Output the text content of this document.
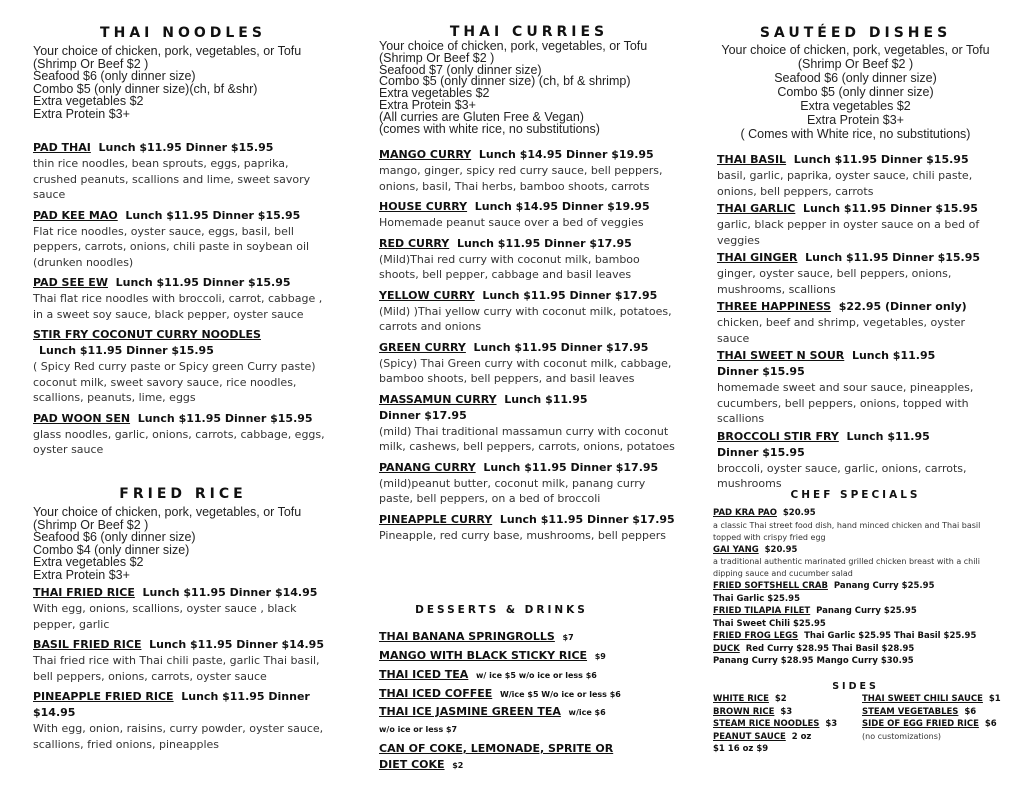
THAI NOODLES
Your choice of chicken, pork, vegetables, or Tofu
(Shrimp Or Beef $2 )
Seafood $6 (only dinner size)
Combo $5 (only dinner size)(ch, bf &shr)
Extra vegetables $2
Extra Protein $3+
PAD THAI Lunch $11.95 Dinner $15.95
thin rice noodles, bean sprouts, eggs, paprika, crushed peanuts, scallions and lime, sweet savory sauce
PAD KEE MAO Lunch $11.95 Dinner $15.95
Flat rice noodles, oyster sauce, eggs, basil, bell peppers, carrots, onions, chili paste in soybean oil (drunken noodles)
PAD SEE EW Lunch $11.95 Dinner $15.95
Thai flat rice noodles with broccoli, carrot, cabbage , in a sweet soy sauce, black pepper, oyster sauce
STIR FRY COCONUT CURRY NOODLES
Lunch $11.95 Dinner $15.95
( Spicy Red curry paste or Spicy green Curry paste) coconut milk, sweet savory sauce, rice noodles, scallions, peanuts, lime, eggs
PAD WOON SEN Lunch $11.95 Dinner $15.95
glass noodles, garlic, onions, carrots, cabbage, eggs, oyster sauce
FRIED RICE
Your choice of chicken, pork, vegetables, or Tofu
(Shrimp Or Beef $2 )
Seafood $6 (only dinner size)
Combo $4 (only dinner size)
Extra vegetables $2
Extra Protein $3+
THAI FRIED RICE Lunch $11.95 Dinner $14.95
With egg, onions, scallions, oyster sauce , black pepper, garlic
BASIL FRIED RICE Lunch $11.95 Dinner $14.95
Thai fried rice with Thai chili paste, garlic Thai basil, bell peppers, onions, carrots, oyster sauce
PINEAPPLE FRIED RICE Lunch $11.95 Dinner $14.95
With egg, onion, raisins, curry powder, oyster sauce, scallions, fried onions, pineapples
THAI CURRIES
Your choice of chicken, pork, vegetables, or Tofu
(Shrimp Or Beef $2 )
Seafood $7 (only dinner size)
Combo $5 (only dinner size) (ch, bf & shrimp)
Extra vegetables $2
Extra Protein $3+
(All curries are Gluten Free & Vegan)
(comes with white rice, no substitutions)
MANGO CURRY Lunch $14.95 Dinner $19.95
mango, ginger, spicy red curry sauce, bell peppers, onions, basil, Thai herbs, bamboo shoots, carrots
HOUSE CURRY Lunch $14.95 Dinner $19.95
Homemade peanut sauce over a bed of veggies
RED CURRY Lunch $11.95 Dinner $17.95
(Mild)Thai red curry with coconut milk, bamboo shoots, bell pepper, cabbage and basil leaves
YELLOW CURRY Lunch $11.95 Dinner $17.95
(Mild) )Thai yellow curry with coconut milk, potatoes, carrots and onions
GREEN CURRY Lunch $11.95 Dinner $17.95
(Spicy) Thai Green curry with coconut milk, cabbage, bamboo shoots, bell peppers, and basil leaves
MASSAMUN CURRY Lunch $11.95 Dinner $17.95
(mild) Thai traditional massamun curry with coconut milk, cashews, bell peppers, carrots, onions, potatoes
PANANG CURRY Lunch $11.95 Dinner $17.95
(mild)peanut butter, coconut milk, panang curry paste, bell peppers, on a bed of broccoli
PINEAPPLE CURRY Lunch $11.95 Dinner $17.95
Pineapple, red curry base, mushrooms, bell peppers
DESSERTS & DRINKS
THAI BANANA SPRINGROLLS $7
MANGO WITH BLACK STICKY RICE $9
THAI ICED TEA w/ ice $5 w/o ice or less $6
THAI ICED COFFEE W/ice $5 W/o ice or less $6
THAI ICE JASMINE GREEN TEA w/ice $6 w/o ice or less $7
CAN OF COKE, LEMONADE, SPRITE OR DIET COKE $2
SAUTÉED DISHES
Your choice of chicken, pork, vegetables, or Tofu
(Shrimp Or Beef $2 )
Seafood $6 (only dinner size)
Combo $5 (only dinner size)
Extra vegetables $2
Extra Protein $3+
( Comes with White rice, no substitutions)
THAI BASIL Lunch $11.95 Dinner $15.95
basil, garlic, paprika, oyster sauce, chili paste, onions, bell peppers, carrots
THAI GARLIC Lunch $11.95 Dinner $15.95
garlic, black pepper in oyster sauce on a bed of veggies
THAI GINGER Lunch $11.95 Dinner $15.95
ginger, oyster sauce, bell peppers, onions, mushrooms, scallions
THREE HAPPINESS $22.95 (Dinner only)
chicken, beef and shrimp, vegetables, oyster sauce
THAI SWEET N SOUR Lunch $11.95 Dinner $15.95
homemade sweet and sour sauce, pineapples, cucumbers, bell peppers, onions, topped with scallions
BROCCOLI STIR FRY Lunch $11.95 Dinner $15.95
broccoli, oyster sauce, garlic, onions, carrots, mushrooms
CHEF SPECIALS
PAD KRA PAO $20.95
a classic Thai street food dish, hand minced chicken and Thai basil topped with crispy fried egg
GAI YANG $20.95
a traditional authentic marinated grilled chicken breast with a chili dipping sauce and cucumber salad
FRIED SOFTSHELL CRAB Panang Curry $25.95 Thai Garlic $25.95
FRIED TILAPIA FILET Panang Curry $25.95 Thai Sweet Chili $25.95
FRIED FROG LEGS Thai Garlic $25.95 Thai Basil $25.95
DUCK Red Curry $28.95 Thai Basil $28.95 Panang Curry $28.95 Mango Curry $30.95
SIDES
WHITE RICE $2
BROWN RICE $3
STEAM RICE NOODLES $3
PEANUT SAUCE 2 oz $1 16 oz $9
THAI SWEET CHILI SAUCE $1
STEAM VEGETABLES $6
SIDE OF EGG FRIED RICE $6
(no customizations)
